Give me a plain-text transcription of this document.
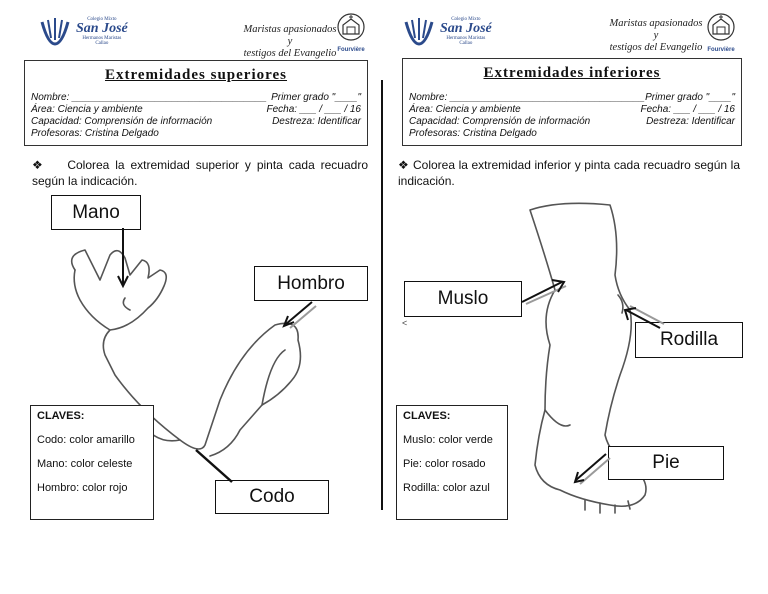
Colegio Mixto
San José
Hermanos Maristas
Callao
Maristas apasionados y
testigos del Evangelio Fourvière
Extremidades superiores
Nombre: ___________________________________ Primer grado "____"
Área: Ciencia y ambiente	Fecha: ___ / ___ / 16
Capacidad: Comprensión de información	Destreza: Identificar
Profesoras: Cristina Delgado
❖ Colorea la extremidad superior y pinta cada recuadro según la indicación.
Mano
Hombro
Codo
CLAVES:
Codo: color amarillo
Mano: color celeste
Hombro: color rojo
Colegio Mixto
San José
Hermanos Maristas
Callao
Maristas apasionados y
testigos del Evangelio Fourvière
Extremidades inferiores
Nombre: ___________________________________ Primer grado "____"
Área: Ciencia y ambiente	Fecha: ___ / ___ / 16
Capacidad: Comprensión de información	Destreza: Identificar
Profesoras: Cristina Delgado
❖ Colorea la extremidad inferior y pinta cada recuadro según la indicación.
Muslo
<
Rodilla
Pie
CLAVES:
Muslo: color verde
Pie: color rosado
Rodilla: color azul
